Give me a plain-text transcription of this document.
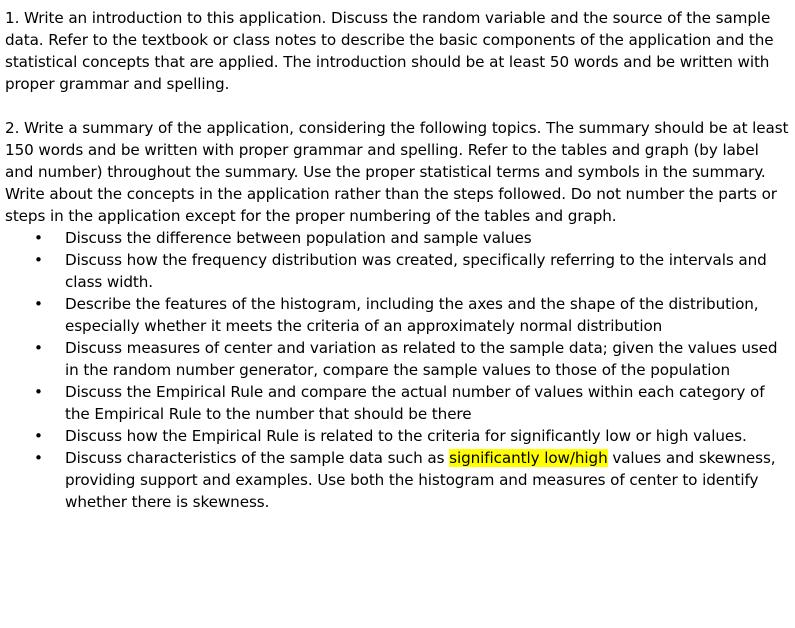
1. Write an introduction to this application. Discuss the random variable and the source of the sample data. Refer to the textbook or class notes to describe the basic components of the application and the statistical concepts that are applied. The introduction should be at least 50 words and be written with proper grammar and spelling.

2. Write a summary of the application, considering the following topics. The summary should be at least 150 words and be written with proper grammar and spelling. Refer to the tables and graph (by label and number) throughout the summary. Use the proper statistical terms and symbols in the summary. Write about the concepts in the application rather than the steps followed. Do not number the parts or steps in the application except for the proper numbering of the tables and graph.

• Discuss the difference between population and sample values
• Discuss how the frequency distribution was created, specifically referring to the intervals and class width.
• Describe the features of the histogram, including the axes and the shape of the distribution, especially whether it meets the criteria of an approximately normal distribution
• Discuss measures of center and variation as related to the sample data; given the values used in the random number generator, compare the sample values to those of the population
• Discuss the Empirical Rule and compare the actual number of values within each category of the Empirical Rule to the number that should be there
• Discuss how the Empirical Rule is related to the criteria for significantly low or high values.
• Discuss characteristics of the sample data such as significantly low/high values and skewness, providing support and examples. Use both the histogram and measures of center to identify whether there is skewness.
